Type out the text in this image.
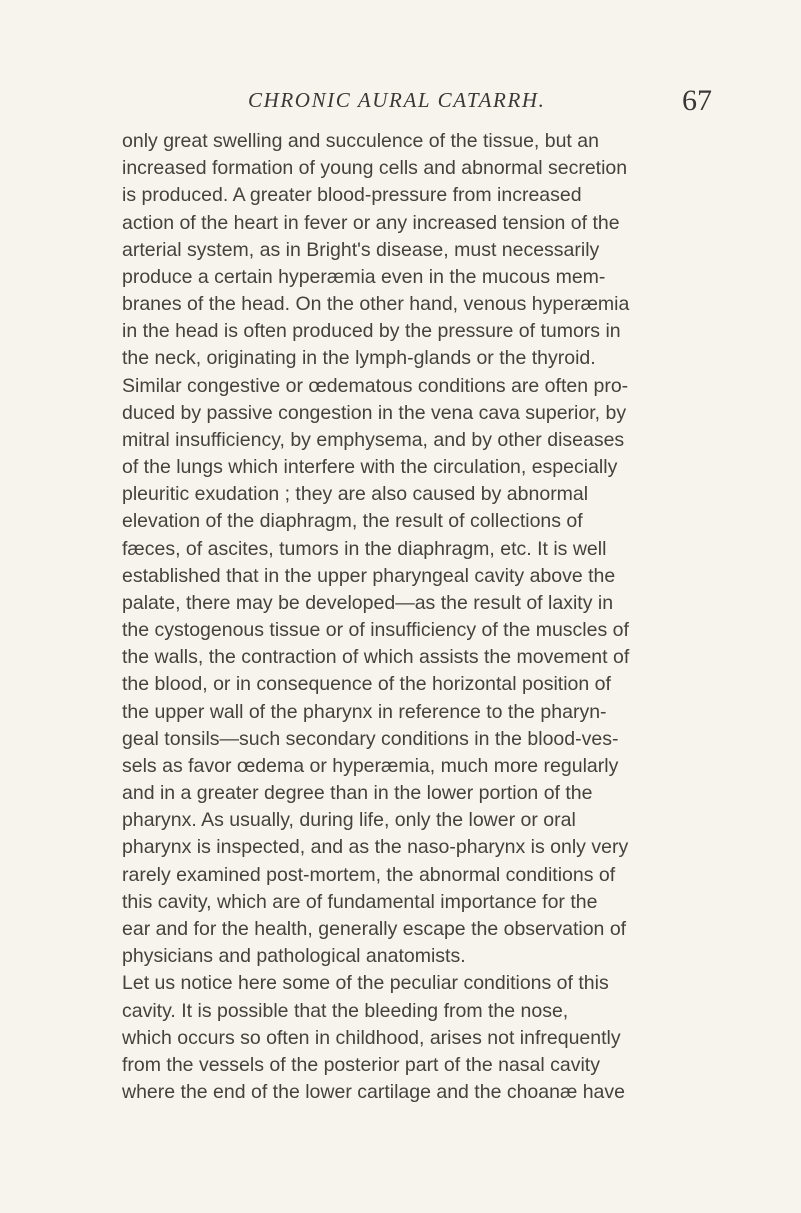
CHRONIC AURAL CATARRH.	67
only great swelling and succulence of the tissue, but an
increased formation of young cells and abnormal secretion
is produced. A greater blood-pressure from increased
action of the heart in fever or any increased tension of the
arterial system, as in Bright's disease, must necessarily
produce a certain hyperæmia even in the mucous mem-
branes of the head. On the other hand, venous hyperæmia
in the head is often produced by the pressure of tumors in
the neck, originating in the lymph-glands or the thyroid.
Similar congestive or œdematous conditions are often pro-
duced by passive congestion in the vena cava superior, by
mitral insufficiency, by emphysema, and by other diseases
of the lungs which interfere with the circulation, especially
pleuritic exudation ; they are also caused by abnormal
elevation of the diaphragm, the result of collections of
fæces, of ascites, tumors in the diaphragm, etc. It is well
established that in the upper pharyngeal cavity above the
palate, there may be developed—as the result of laxity in
the cystogenous tissue or of insufficiency of the muscles of
the walls, the contraction of which assists the movement of
the blood, or in consequence of the horizontal position of
the upper wall of the pharynx in reference to the pharyn-
geal tonsils—such secondary conditions in the blood-ves-
sels as favor œdema or hyperæmia, much more regularly
and in a greater degree than in the lower portion of the
pharynx. As usually, during life, only the lower or oral
pharynx is inspected, and as the naso-pharynx is only very
rarely examined post-mortem, the abnormal conditions of
this cavity, which are of fundamental importance for the
ear and for the health, generally escape the observation of
physicians and pathological anatomists.
Let us notice here some of the peculiar conditions of this
cavity. It is possible that the bleeding from the nose,
which occurs so often in childhood, arises not infrequently
from the vessels of the posterior part of the nasal cavity
where the end of the lower cartilage and the choanæ have
